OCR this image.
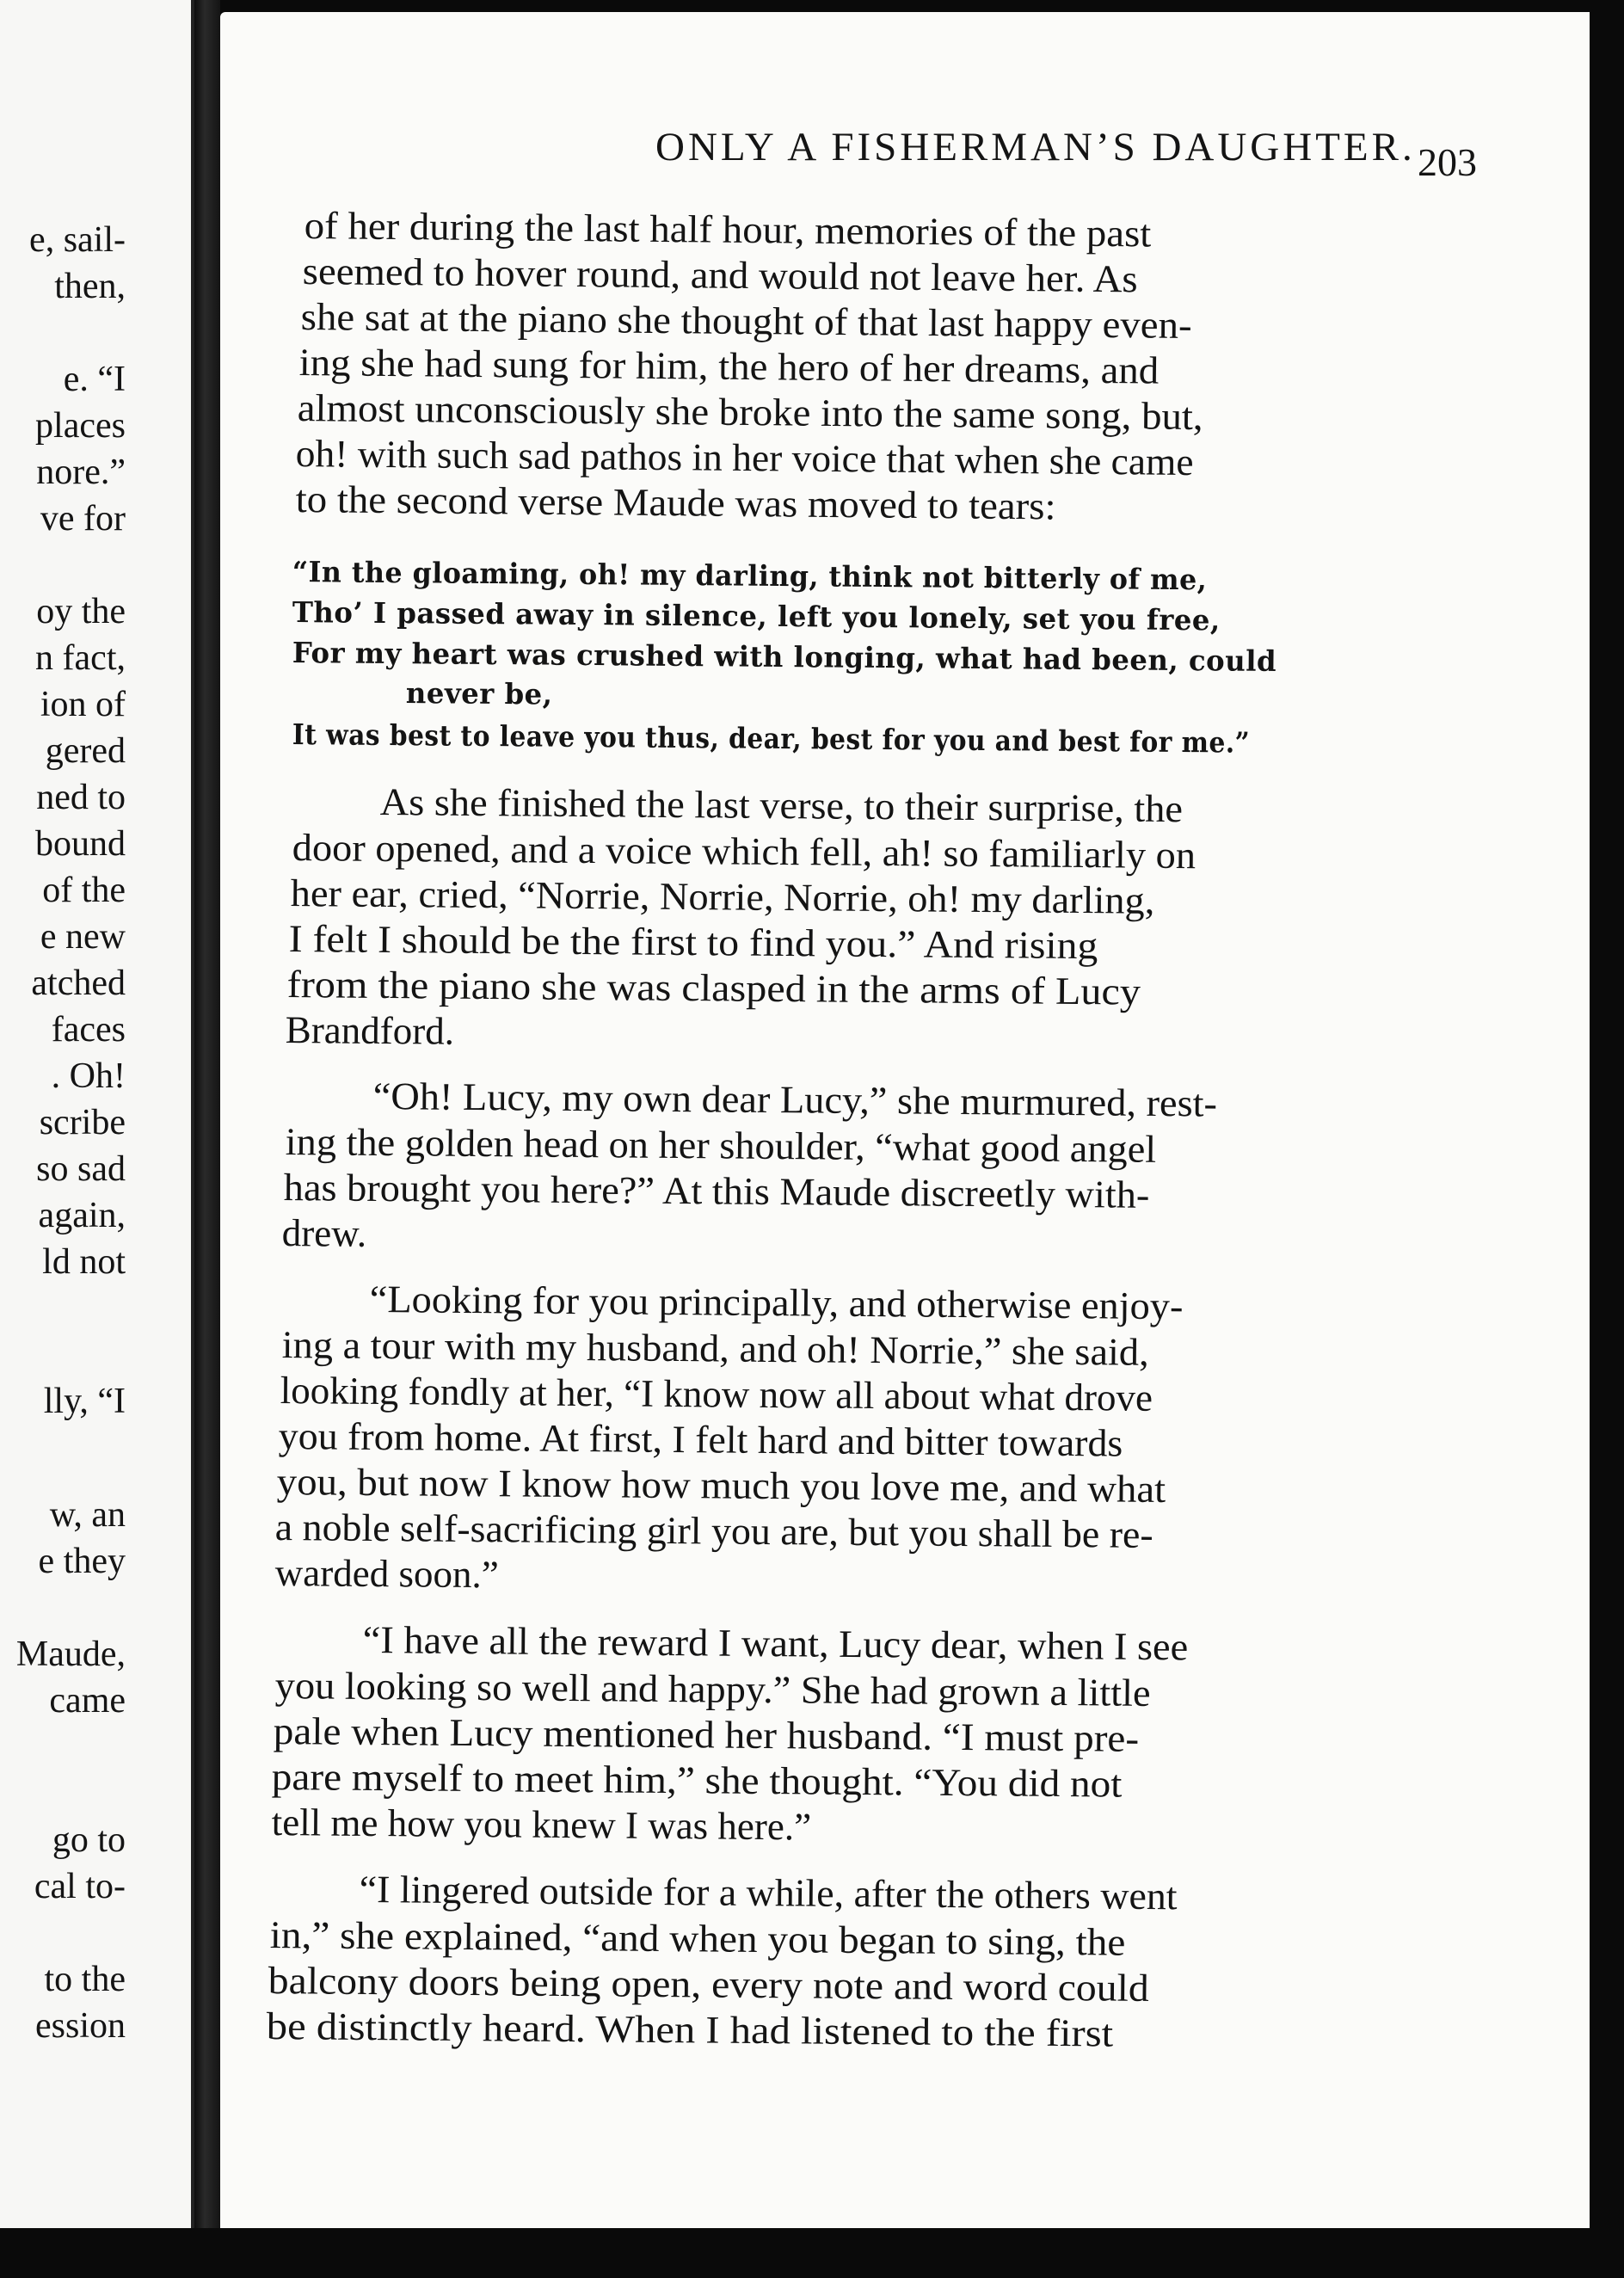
e, sail-
then,
e. “I
places
nore.”
ve for
oy the
n fact,
ion of
gered
ned to
bound
of the
e new
atched
faces
. Oh!
scribe
so sad
again,
ld not
lly, “I
w, an
e they
Maude,
came
go to
cal to-
to the
ession
ONLY A FISHERMAN’S DAUGHTER. 203
of her during the last half hour, memories of the past
seemed to hover round, and would not leave her. As
she sat at the piano she thought of that last happy even-
ing she had sung for him, the hero of her dreams, and
almost unconsciously she broke into the same song, but,
oh! with such sad pathos in her voice that when she came
to the second verse Maude was moved to tears:
“In the gloaming, oh! my darling, think not bitterly of me,
Tho’ I passed away in silence, left you lonely, set you free,
For my heart was crushed with longing, what had been, could
never be,
It was best to leave you thus, dear, best for you and best for me.”
As she finished the last verse, to their surprise, the
door opened, and a voice which fell, ah! so familiarly on
her ear, cried, “Norrie, Norrie, Norrie, oh! my darling,
I felt I should be the first to find you.” And rising
from the piano she was clasped in the arms of Lucy
Brandford.
“Oh! Lucy, my own dear Lucy,” she murmured, rest-
ing the golden head on her shoulder, “what good angel
has brought you here?” At this Maude discreetly with-
drew.
“Looking for you principally, and otherwise enjoy-
ing a tour with my husband, and oh! Norrie,” she said,
looking fondly at her, “I know now all about what drove
you from home. At first, I felt hard and bitter towards
you, but now I know how much you love me, and what
a noble self-sacrificing girl you are, but you shall be re-
warded soon.”
“I have all the reward I want, Lucy dear, when I see
you looking so well and happy.” She had grown a little
pale when Lucy mentioned her husband. “I must pre-
pare myself to meet him,” she thought. “You did not
tell me how you knew I was here.”
“I lingered outside for a while, after the others went
in,” she explained, “and when you began to sing, the
balcony doors being open, every note and word could
be distinctly heard. When I had listened to the first
